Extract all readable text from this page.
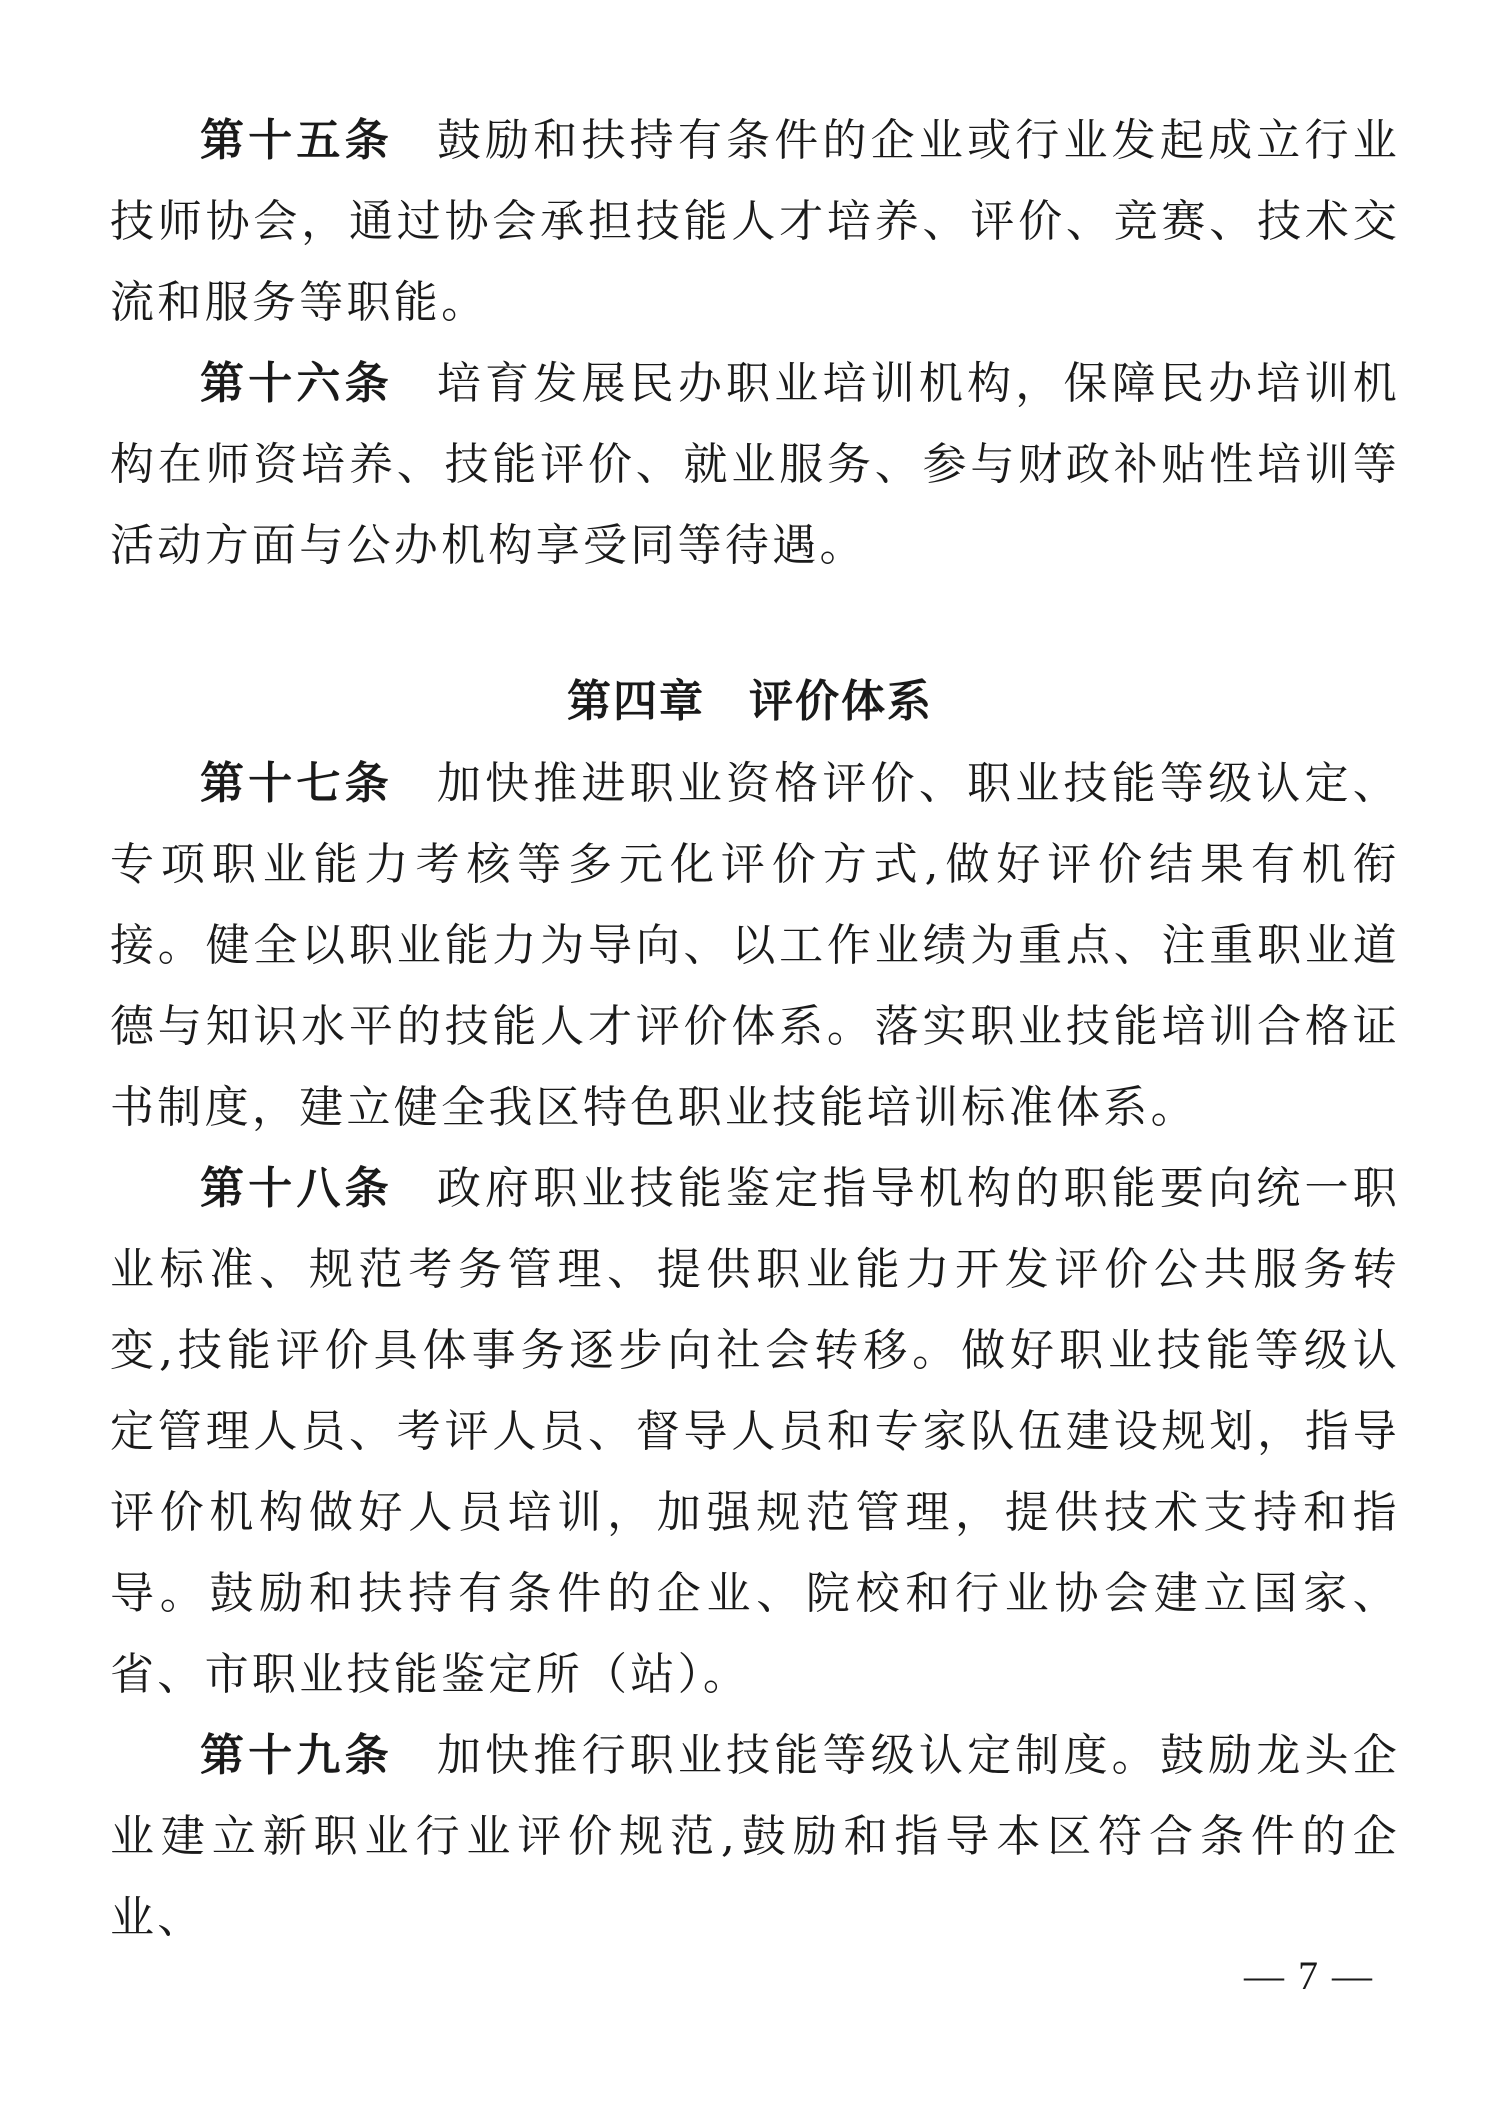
第十五条 鼓励和扶持有条件的企业或行业发起成立行业技师协会，通过协会承担技能人才培养、评价、竞赛、技术交流和服务等职能。

第十六条 培育发展民办职业培训机构，保障民办培训机构在师资培养、技能评价、就业服务、参与财政补贴性培训等活动方面与公办机构享受同等待遇。

第四章 评价体系

第十七条 加快推进职业资格评价、职业技能等级认定、专项职业能力考核等多元化评价方式,做好评价结果有机衔接。健全以职业能力为导向、以工作业绩为重点、注重职业道德与知识水平的技能人才评价体系。落实职业技能培训合格证书制度，建立健全我区特色职业技能培训标准体系。

第十八条 政府职业技能鉴定指导机构的职能要向统一职业标准、规范考务管理、提供职业能力开发评价公共服务转变,技能评价具体事务逐步向社会转移。做好职业技能等级认定管理人员、考评人员、督导人员和专家队伍建设规划，指导评价机构做好人员培训，加强规范管理，提供技术支持和指导。鼓励和扶持有条件的企业、院校和行业协会建立国家、省、市职业技能鉴定所（站）。

第十九条 加快推行职业技能等级认定制度。鼓励龙头企业建立新职业行业评价规范,鼓励和指导本区符合条件的企业、

— 7 —
